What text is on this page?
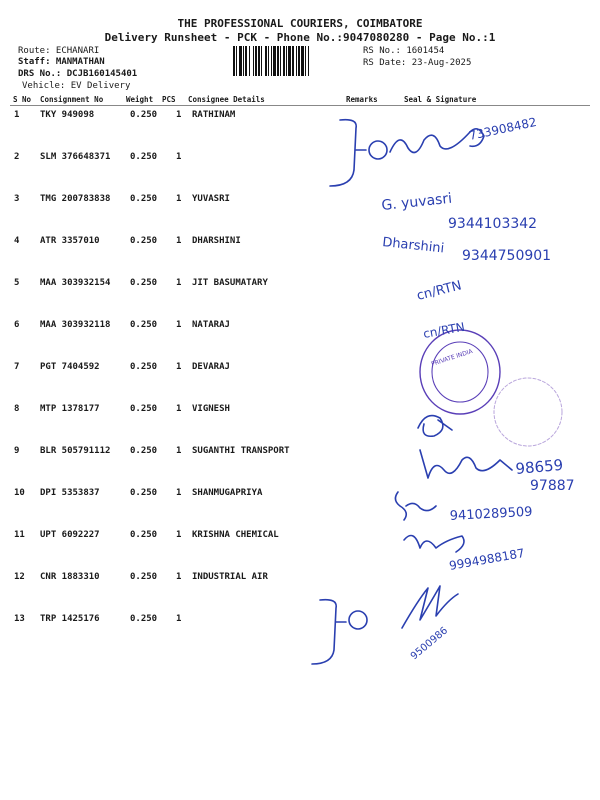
THE PROFESSIONAL COURIERS, COIMBATORE
Delivery Runsheet - PCK - Phone No.:9047080280 - Page No.:1
Route: ECHANARI
Staff: MANMATHAN
DRS No.: DCJB160145401
Vehicle: EV Delivery
RS No.: 1601454
RS Date: 23-Aug-2025
S No Consignment No	Weight PCS Consignee Details	Remarks	Seal & Signature
1 TKY 949098	0.250 1 RATHINAM
2 SLM 376648371 0.250 1
3 TMG 200783838 0.250 1 YUVASRI
4 ATR 3357010	0.250 1 DHARSHINI
5 MAA 303932154 0.250 1 JIT BASUMATARY
6 MAA 303932118 0.250 1 NATARAJ
7 PGT 7404592	0.250 1 DEVARAJ
8 MTP 1378177	0.250 1 VIGNESH
9 BLR 505791112 0.250 1 SUGANTHI TRANSPORT
10 DPI 5353837	0.250 1 SHANMUGAPRIYA
11 UPT 6092227	0.250 1 KRISHNA CHEMICAL
12 CNR 1883310	0.250 1 INDUSTRIAL AIR
13 TRP 1425176	0.250 1
733908482
G. yuvasri
9344103342
Dharshini 9344750901
cn/RTN
cn/RTN
PRIVATE INDIA
98659
97887
9410289509
9994988187
9500986
